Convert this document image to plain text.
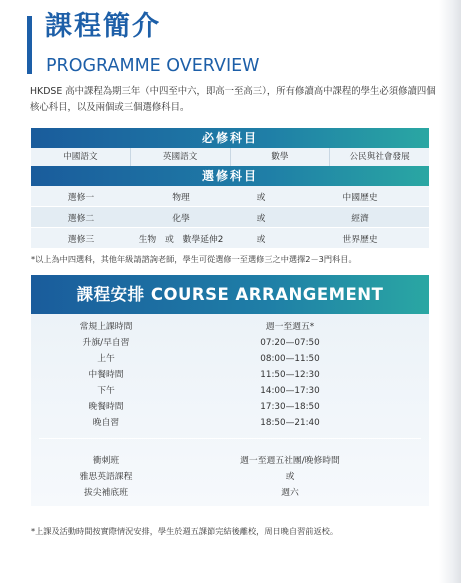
課程簡介
PROGRAMME OVERVIEW
HKDSE 高中課程為期三年（中四至中六，即高一至高三），所有修讀高中課程的學生必須修讀四個核心科目，以及兩個或三個選修科目。
必修科目
中國語文	英國語文	數學	公民與社會發展
選修科目
選修一	物理	或	中國歷史
選修二	化學	或	經濟
選修三	生物　或　數學延伸2	或	世界歷史
*以上為中四選科，其他年級請諮詢老師，學生可從選修一至選修三之中選擇2－3門科目。
課程安排 COURSE ARRANGEMENT
常規上課時間	週一至週五*
升旗/早自習	07:20—07:50
上午	08:00—11:50
中餐時間	11:50—12:30
下午	14:00—17:30
晚餐時間	17:30—18:50
晚自習	18:50—21:40
衝刺班	週一至週五社團/晚修時間
雅思英語課程	或
拔尖補底班	週六
*上課及活動時間按實際情況安排，學生於週五課節完結後離校，周日晚自習前返校。
